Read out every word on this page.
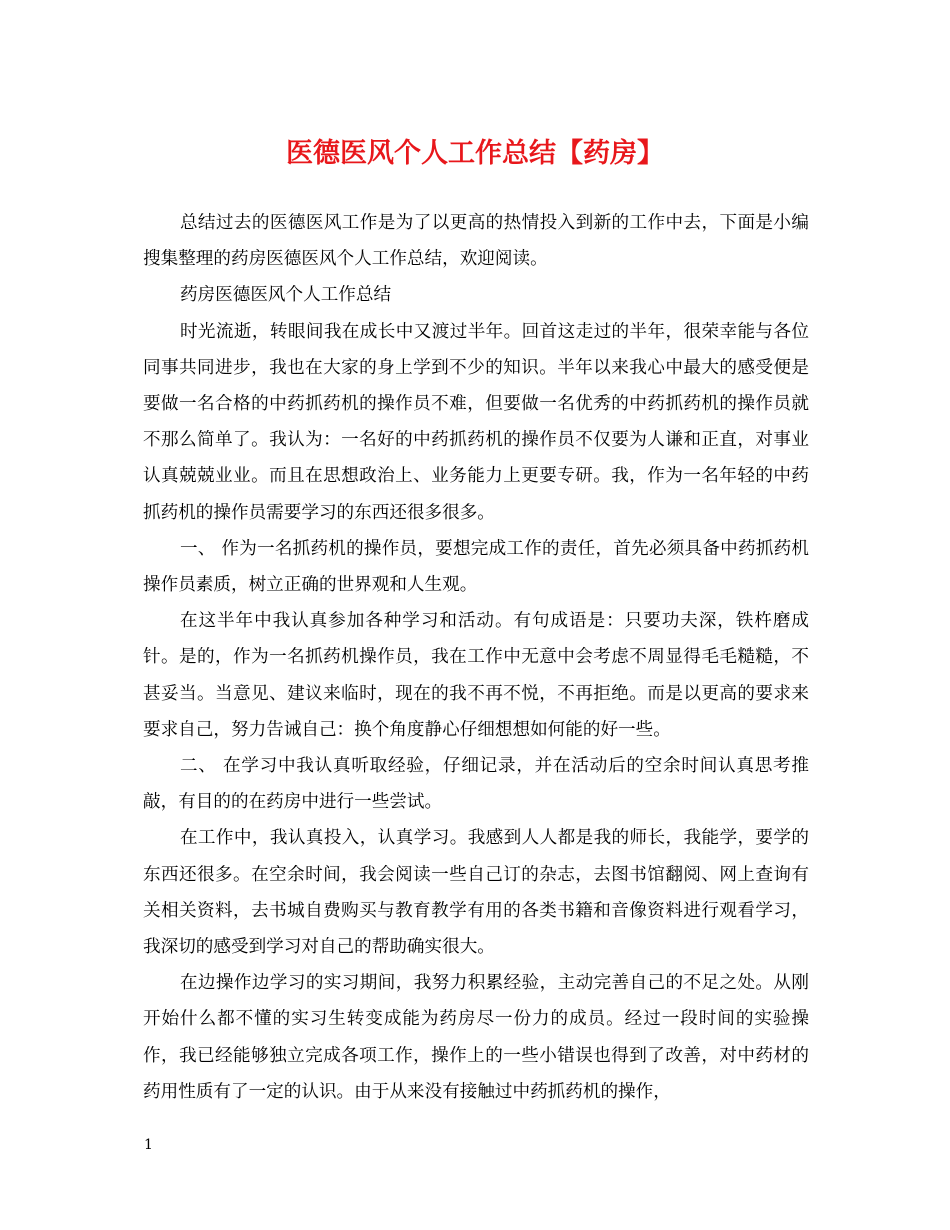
医德医风个人工作总结【药房】

总结过去的医德医风工作是为了以更高的热情投入到新的工作中去，下面是小编搜集整理的药房医德医风个人工作总结，欢迎阅读。

药房医德医风个人工作总结

时光流逝，转眼间我在成长中又渡过半年。回首这走过的半年，很荣幸能与各位同事共同进步，我也在大家的身上学到不少的知识。半年以来我心中最大的感受便是要做一名合格的中药抓药机的操作员不难，但要做一名优秀的中药抓药机的操作员就不那么简单了。我认为：一名好的中药抓药机的操作员不仅要为人谦和正直，对事业认真兢兢业业。而且在思想政治上、业务能力上更要专研。我，作为一名年轻的中药抓药机的操作员需要学习的东西还很多很多。

一、 作为一名抓药机的操作员，要想完成工作的责任，首先必须具备中药抓药机操作员素质，树立正确的世界观和人生观。

在这半年中我认真参加各种学习和活动。有句成语是：只要功夫深，铁杵磨成针。是的，作为一名抓药机操作员，我在工作中无意中会考虑不周显得毛毛糙糙，不甚妥当。当意见、建议来临时，现在的我不再不悦，不再拒绝。而是以更高的要求来要求自己，努力告诫自己：换个角度静心仔细想想如何能的好一些。

二、 在学习中我认真听取经验，仔细记录，并在活动后的空余时间认真思考推敲，有目的的在药房中进行一些尝试。

在工作中，我认真投入，认真学习。我感到人人都是我的师长，我能学，要学的东西还很多。在空余时间，我会阅读一些自己订的杂志，去图书馆翻阅、网上查询有关相关资料，去书城自费购买与教育教学有用的各类书籍和音像资料进行观看学习，我深切的感受到学习对自己的帮助确实很大。

在边操作边学习的实习期间，我努力积累经验，主动完善自己的不足之处。从刚开始什么都不懂的实习生转变成能为药房尽一份力的成员。经过一段时间的实验操作，我已经能够独立完成各项工作，操作上的一些小错误也得到了改善，对中药材的药用性质有了一定的认识。由于从来没有接触过中药抓药机的操作，

1
